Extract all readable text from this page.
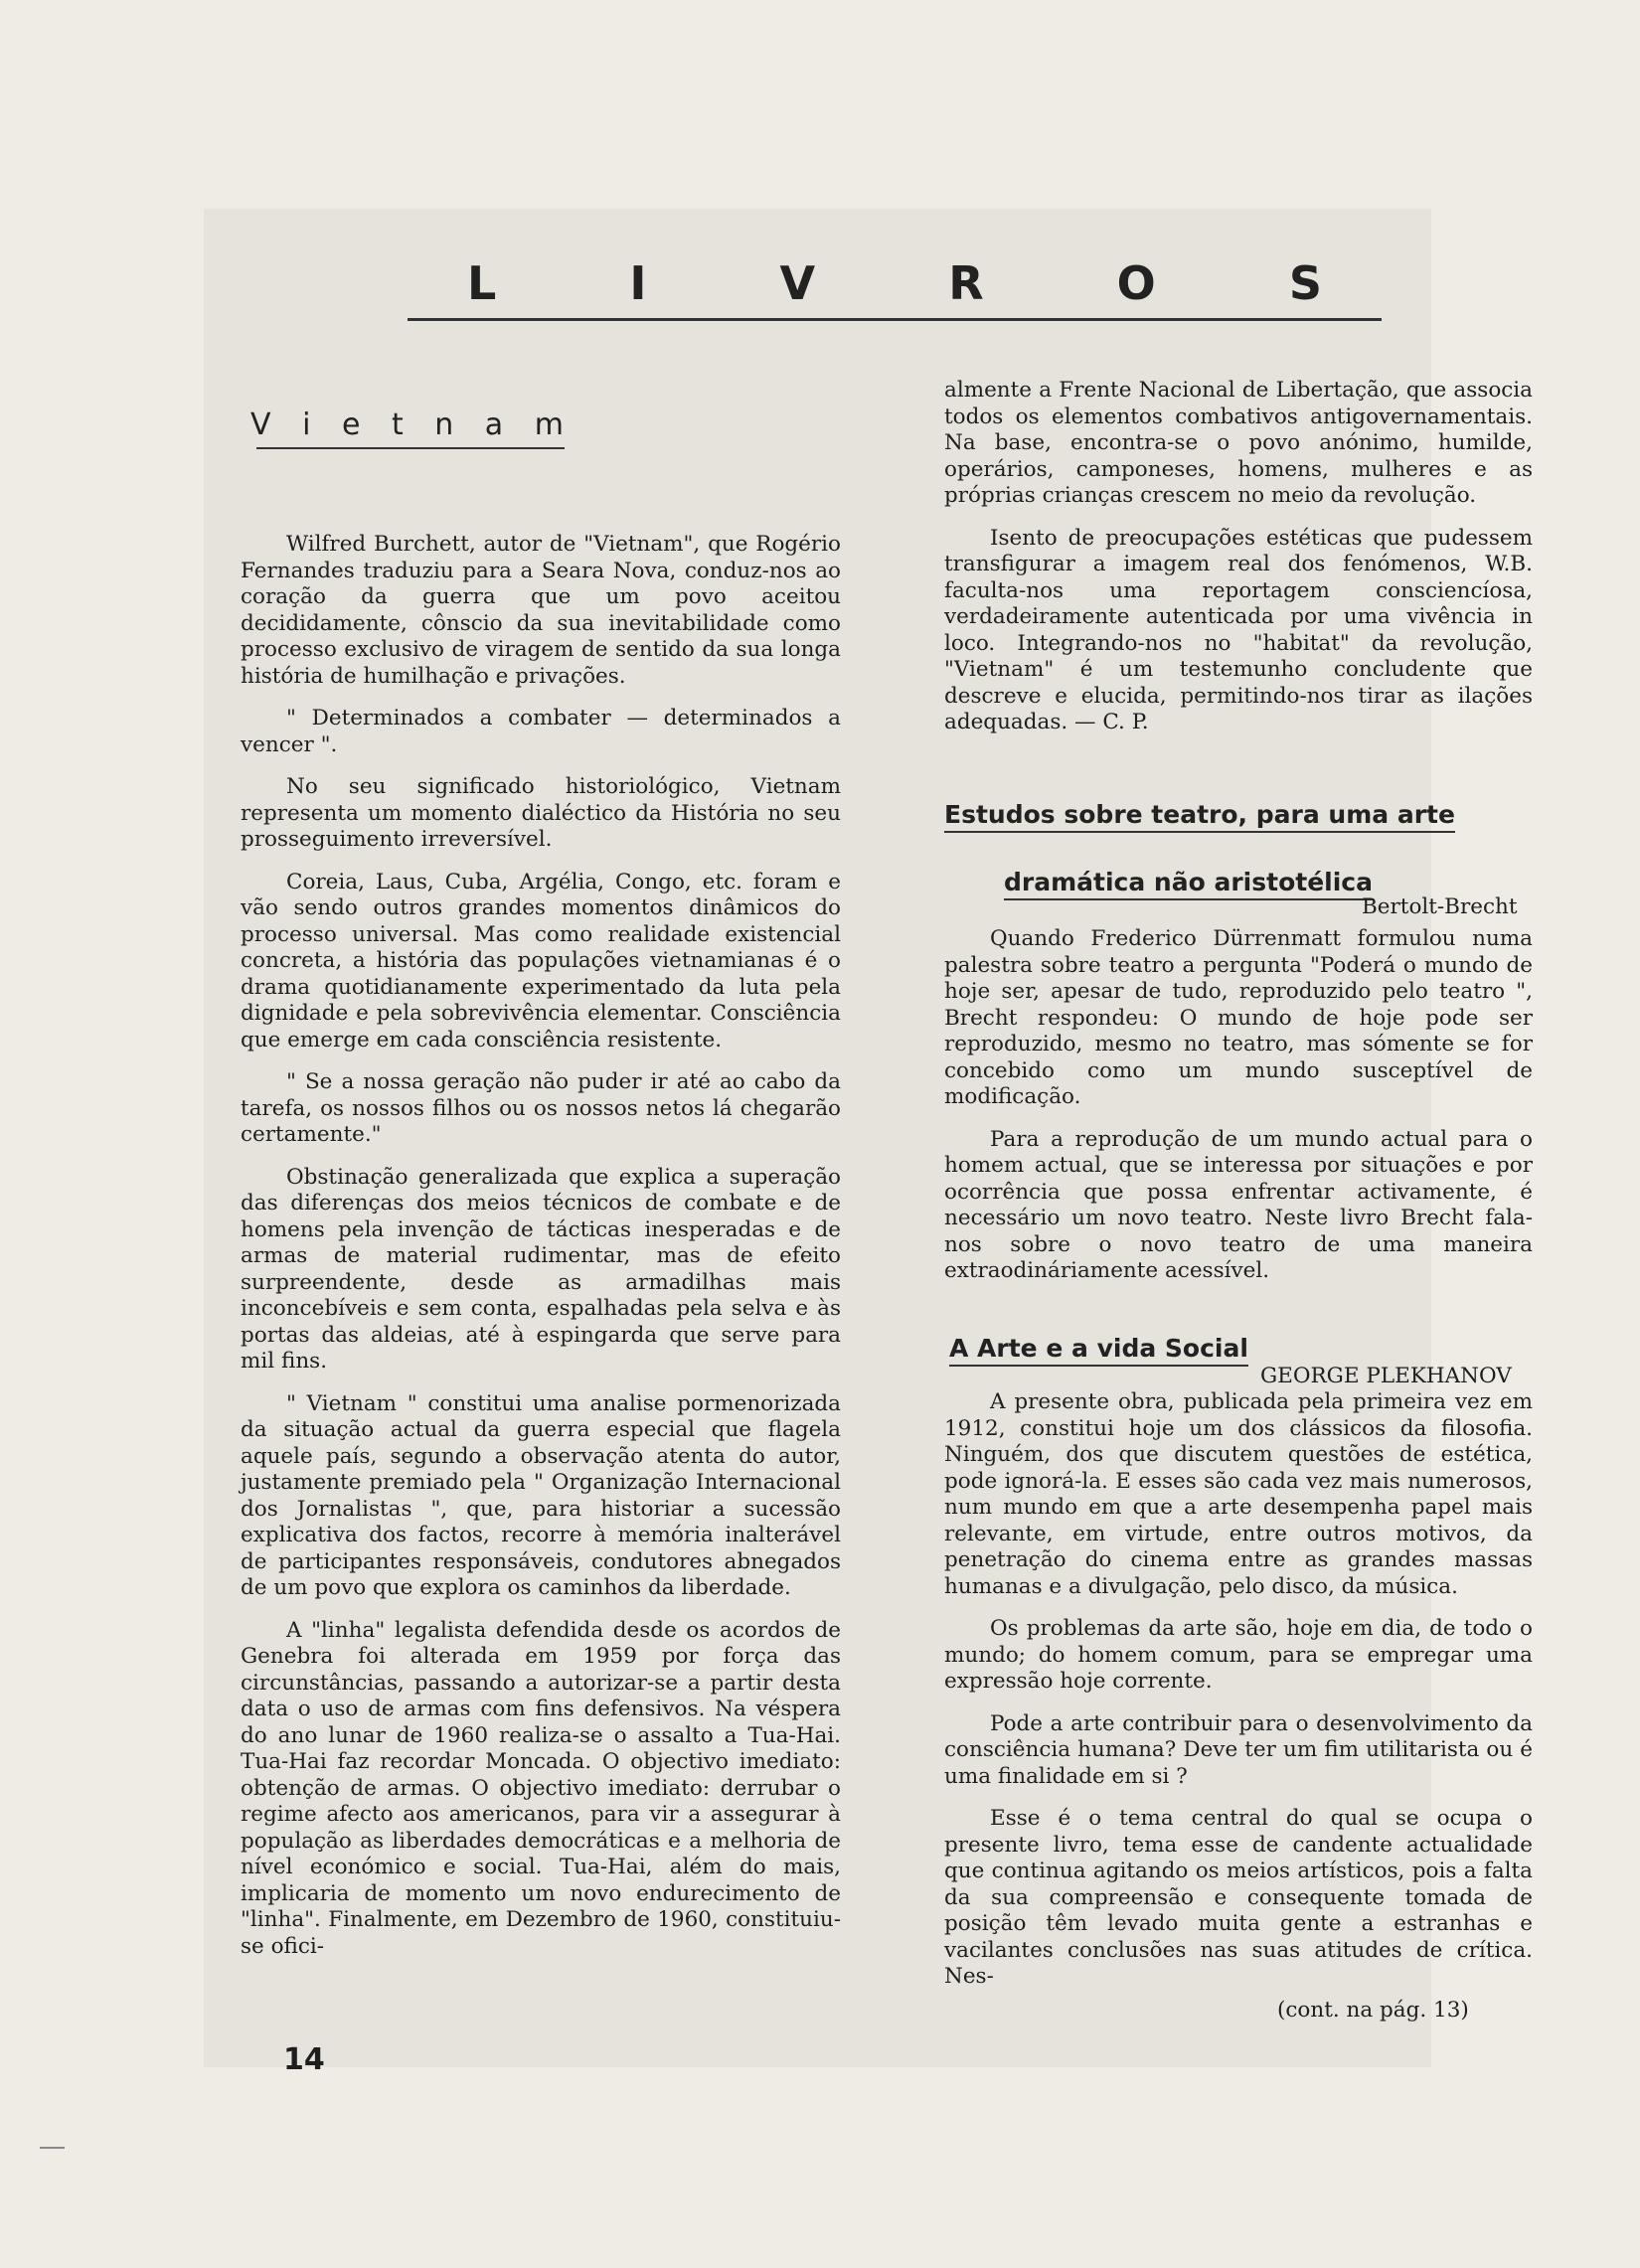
L	I	V	R	O	S
V i e t n a m

Wilfred Burchett, autor de "Vietnam", que Rogério Fernandes traduziu para a Seara Nova, conduz-nos ao coração da guerra que um povo aceitou decididamente, cônscio da sua inevitabilidade como processo exclusivo de viragem de sentido da sua longa história de humilhação e privações.

" Determinados a combater — determinados a vencer ".

No seu significado historiológico, Vietnam representa um momento dialéctico da História no seu prosseguimento irreversível.

Coreia, Laus, Cuba, Argélia, Congo, etc. foram e vão sendo outros grandes momentos dinâmicos do processo universal. Mas como realidade existencial concreta, a história das populações vietnamianas é o drama quotidianamente experimentado da luta pela dignidade e pela sobrevivência elementar. Consciência que emerge em cada consciência resistente.

" Se a nossa geração não puder ir até ao cabo da tarefa, os nossos filhos ou os nossos netos lá chegarão certamente."

Obstinação generalizada que explica a superação das diferenças dos meios técnicos de combate e de homens pela invenção de tácticas inesperadas e de armas de material rudimentar, mas de efeito surpreendente, desde as armadilhas mais inconcebíveis e sem conta, espalhadas pela selva e às portas das aldeias, até à espingarda que serve para mil fins.

" Vietnam " constitui uma analise pormenorizada da situação actual da guerra especial que flagela aquele país, segundo a observação atenta do autor, justamente premiado pela " Organização Internacional dos Jornalistas ", que, para historiar a sucessão explicativa dos factos, recorre à memória inalterável de participantes responsáveis, condutores abnegados de um povo que explora os caminhos da liberdade.

A "linha" legalista defendida desde os acordos de Genebra foi alterada em 1959 por força das circunstâncias, passando a autorizar-se a partir desta data o uso de armas com fins defensivos. Na véspera do ano lunar de 1960 realiza-se o assalto a Tua-Hai. Tua-Hai faz recordar Moncada. O objectivo imediato: obtenção de armas. O objectivo imediato: derrubar o regime afecto aos americanos, para vir a assegurar à população as liberdades democráticas e a melhoria de nível económico e social. Tua-Hai, além do mais, implicaria de momento um novo endurecimento de "linha". Finalmente, em Dezembro de 1960, constituiu-se ofici-

almente a Frente Nacional de Libertação, que associa todos os elementos combativos antigovernamentais. Na base, encontra-se o povo anónimo, humilde, operários, camponeses, homens, mulheres e as próprias crianças crescem no meio da revolução.

Isento de preocupações estéticas que pudessem transfigurar a imagem real dos fenómenos, W.B. faculta-nos uma reportagem consciencíosa, verdadeiramente autenticada por uma vivência in loco. Integrando-nos no "habitat" da revolução, "Vietnam" é um testemunho concludente que descreve e elucida, permitindo-nos tirar as ilações adequadas. — C. P.

Estudos sobre teatro, para uma arte
dramática não aristotélica
Bertolt-Brecht

Quando Frederico Dürrenmatt formulou numa palestra sobre teatro a pergunta "Poderá o mundo de hoje ser, apesar de tudo, reproduzido pelo teatro ", Brecht respondeu: O mundo de hoje pode ser reproduzido, mesmo no teatro, mas sómente se for concebido como um mundo susceptível de modificação.

Para a reprodução de um mundo actual para o homem actual, que se interessa por situações e por ocorrência que possa enfrentar activamente, é necessário um novo teatro. Neste livro Brecht fala-nos sobre o novo teatro de uma maneira extraodináriamente acessível.

A Arte e a vida Social
GEORGE PLEKHANOV

A presente obra, publicada pela primeira vez em 1912, constitui hoje um dos clássicos da filosofia. Ninguém, dos que discutem questões de estética, pode ignorá-la. E esses são cada vez mais numerosos, num mundo em que a arte desempenha papel mais relevante, em virtude, entre outros motivos, da penetração do cinema entre as grandes massas humanas e a divulgação, pelo disco, da música.

Os problemas da arte são, hoje em dia, de todo o mundo; do homem comum, para se empregar uma expressão hoje corrente.

Pode a arte contribuir para o desenvolvimento da consciência humana? Deve ter um fim utilitarista ou é uma finalidade em si ?

Esse é o tema central do qual se ocupa o presente livro, tema esse de candente actualidade que continua agitando os meios artísticos, pois a falta da sua compreensão e consequente tomada de posição têm levado muita gente a estranhas e vacilantes conclusões nas suas atitudes de crítica. Nes-

(cont. na pág. 13)
14
